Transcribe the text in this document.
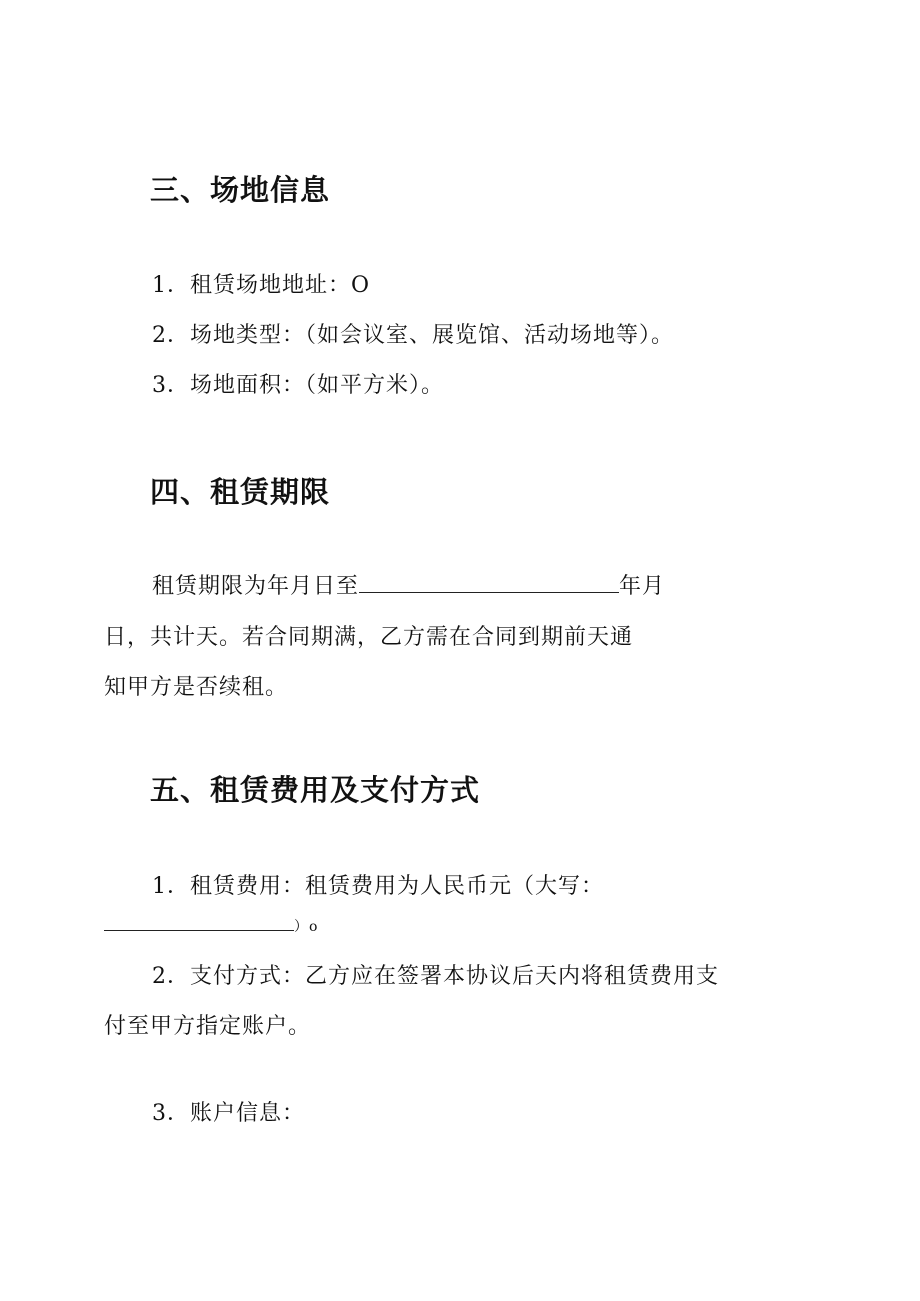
三、场地信息
1．租赁场地地址：O
2．场地类型：（如会议室、展览馆、活动场地等）。
3．场地面积：（如平方米）。
四、租赁期限
租赁期限为年月日至	年月
日，共计天。若合同期满，乙方需在合同到期前天通
知甲方是否续租。
五、租赁费用及支付方式
1．租赁费用：租赁费用为人民币元（大写：
）o
2．支付方式：乙方应在签署本协议后天内将租赁费用支
付至甲方指定账户。
3．账户信息：
